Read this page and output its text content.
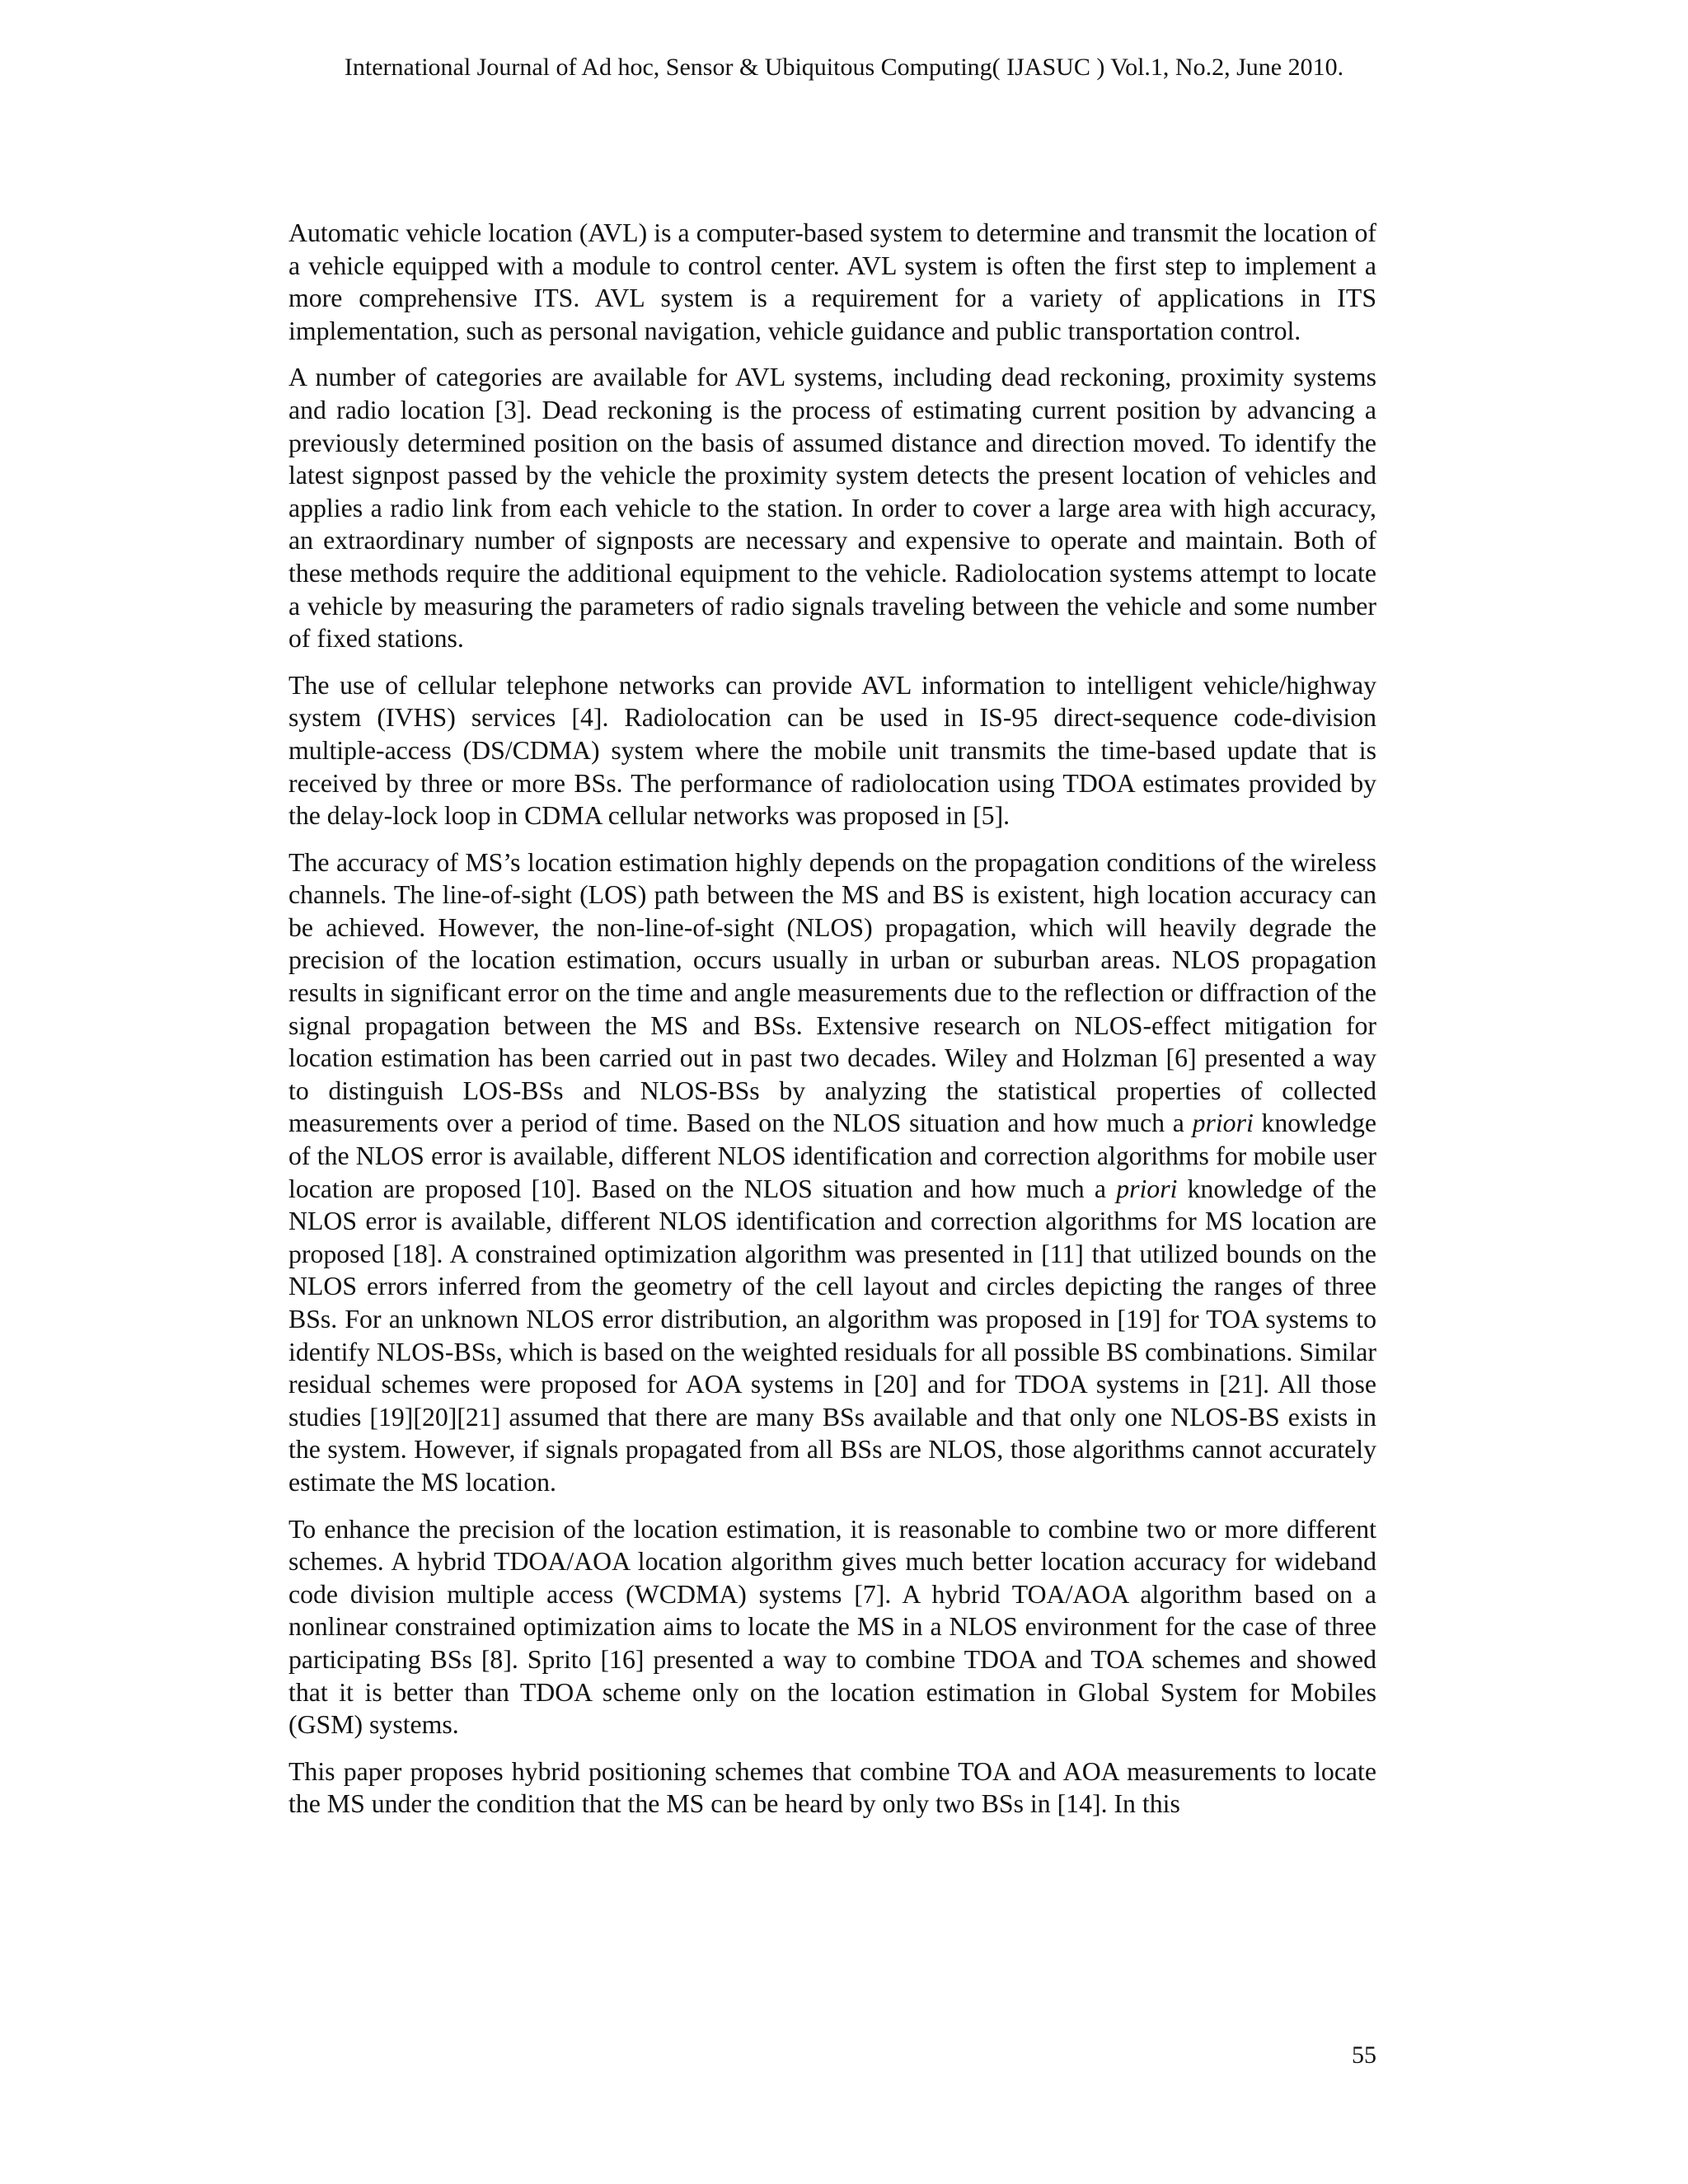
International Journal of Ad hoc, Sensor & Ubiquitous Computing( IJASUC ) Vol.1, No.2, June 2010.

Automatic vehicle location (AVL) is a computer-based system to determine and transmit the location of a vehicle equipped with a module to control center. AVL system is often the first step to implement a more comprehensive ITS. AVL system is a requirement for a variety of applications in ITS implementation, such as personal navigation, vehicle guidance and public transportation control.

A number of categories are available for AVL systems, including dead reckoning, proximity systems and radio location [3]. Dead reckoning is the process of estimating current position by advancing a previously determined position on the basis of assumed distance and direction moved. To identify the latest signpost passed by the vehicle the proximity system detects the present location of vehicles and applies a radio link from each vehicle to the station. In order to cover a large area with high accuracy, an extraordinary number of signposts are necessary and expensive to operate and maintain. Both of these methods require the additional equipment to the vehicle. Radiolocation systems attempt to locate a vehicle by measuring the parameters of radio signals traveling between the vehicle and some number of fixed stations.

The use of cellular telephone networks can provide AVL information to intelligent vehicle/highway system (IVHS) services [4]. Radiolocation can be used in IS-95 direct-sequence code-division multiple-access (DS/CDMA) system where the mobile unit transmits the time-based update that is received by three or more BSs. The performance of radiolocation using TDOA estimates provided by the delay-lock loop in CDMA cellular networks was proposed in [5].

The accuracy of MS’s location estimation highly depends on the propagation conditions of the wireless channels. The line-of-sight (LOS) path between the MS and BS is existent, high location accuracy can be achieved. However, the non-line-of-sight (NLOS) propagation, which will heavily degrade the precision of the location estimation, occurs usually in urban or suburban areas. NLOS propagation results in significant error on the time and angle measurements due to the reflection or diffraction of the signal propagation between the MS and BSs. Extensive research on NLOS-effect mitigation for location estimation has been carried out in past two decades. Wiley and Holzman [6] presented a way to distinguish LOS-BSs and NLOS-BSs by analyzing the statistical properties of collected measurements over a period of time. Based on the NLOS situation and how much a priori knowledge of the NLOS error is available, different NLOS identification and correction algorithms for mobile user location are proposed [10]. Based on the NLOS situation and how much a priori knowledge of the NLOS error is available, different NLOS identification and correction algorithms for MS location are proposed [18]. A constrained optimization algorithm was presented in [11] that utilized bounds on the NLOS errors inferred from the geometry of the cell layout and circles depicting the ranges of three BSs. For an unknown NLOS error distribution, an algorithm was proposed in [19] for TOA systems to identify NLOS-BSs, which is based on the weighted residuals for all possible BS combinations. Similar residual schemes were proposed for AOA systems in [20] and for TDOA systems in [21]. All those studies [19][20][21] assumed that there are many BSs available and that only one NLOS-BS exists in the system. However, if signals propagated from all BSs are NLOS, those algorithms cannot accurately estimate the MS location.

To enhance the precision of the location estimation, it is reasonable to combine two or more different schemes. A hybrid TDOA/AOA location algorithm gives much better location accuracy for wideband code division multiple access (WCDMA) systems [7]. A hybrid TOA/AOA algorithm based on a nonlinear constrained optimization aims to locate the MS in a NLOS environment for the case of three participating BSs [8]. Sprito [16] presented a way to combine TDOA and TOA schemes and showed that it is better than TDOA scheme only on the location estimation in Global System for Mobiles (GSM) systems.

This paper proposes hybrid positioning schemes that combine TOA and AOA measurements to locate the MS under the condition that the MS can be heard by only two BSs in [14]. In this

55
